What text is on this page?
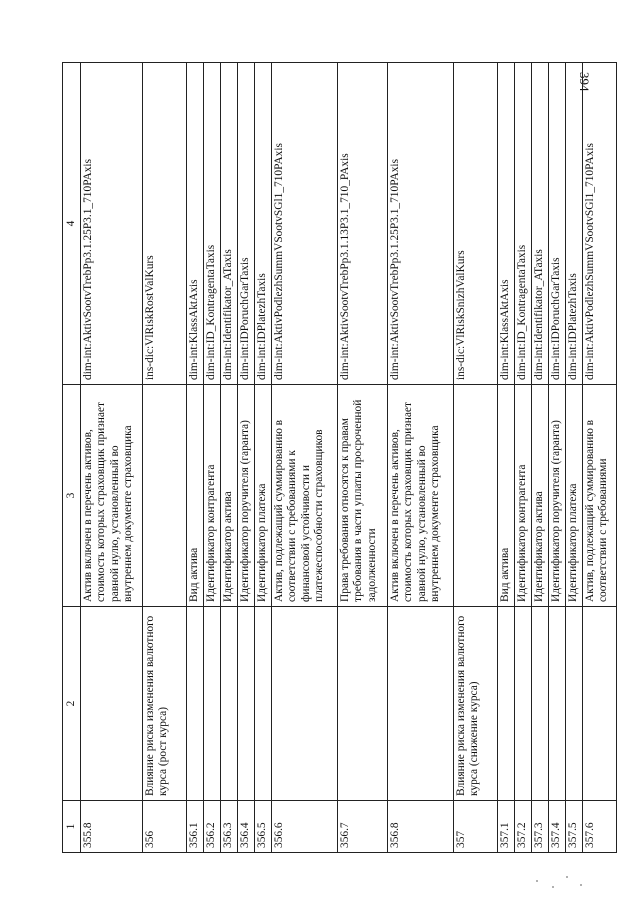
394
1	2	3	4
355.8		Актив включен в перечень активов, стоимость которых страховщик признает равной нулю, установленный во внутреннем документе страховщика	dim-int:AktivSootvTrebPp3.1.25P3.1_710PAxis
356	Влияние риска изменения валютного курса (рост курса)		ins-dic:VlRiskRostValKurs
356.1		Вид актива	dim-int:KlassAktAxis
356.2		Идентификатор контрагента	dim-int:ID_KontragentaTaxis
356.3		Идентификатор актива	dim-int:Identifikator_ATaxis
356.4		Идентификатор поручителя (гаранта)	dim-int:IDPoruchGarTaxis
356.5		Идентификатор платежа	dim-int:IDPlatezhTaxis
356.6		Актив, подлежащий суммированию в соответствии с требованиями к финансовой устойчивости и платежеспособности страховщиков	dim-int:AktivPodlezhSummVSootvSGl1_710PAxis
356.7		Права требования относятся к правам требования в части уплаты просроченной задолженности	dim-int:AktivSootvTrebPp3.1.13P3.1_710_PAxis
356.8		Актив включен в перечень активов, стоимость которых страховщик признает равной нулю, установленный во внутреннем документе страховщика	dim-int:AktivSootvTrebPp3.1.25P3.1_710PAxis
357	Влияние риска изменения валютного курса (снижение курса)		ins-dic:VlRiskSnizhValKurs
357.1		Вид актива	dim-int:KlassAktAxis
357.2		Идентификатор контрагента	dim-int:ID_KontragentaTaxis
357.3		Идентификатор актива	dim-int:Identifikator_ATaxis
357.4		Идентификатор поручителя (гаранта)	dim-int:IDPoruchGarTaxis
357.5		Идентификатор платежа	dim-int:IDPlatezhTaxis
357.6		Актив, подлежащий суммированию в соответствии с требованиями	dim-int:AktivPodlezhSummVSootvSGl1_710PAxis
